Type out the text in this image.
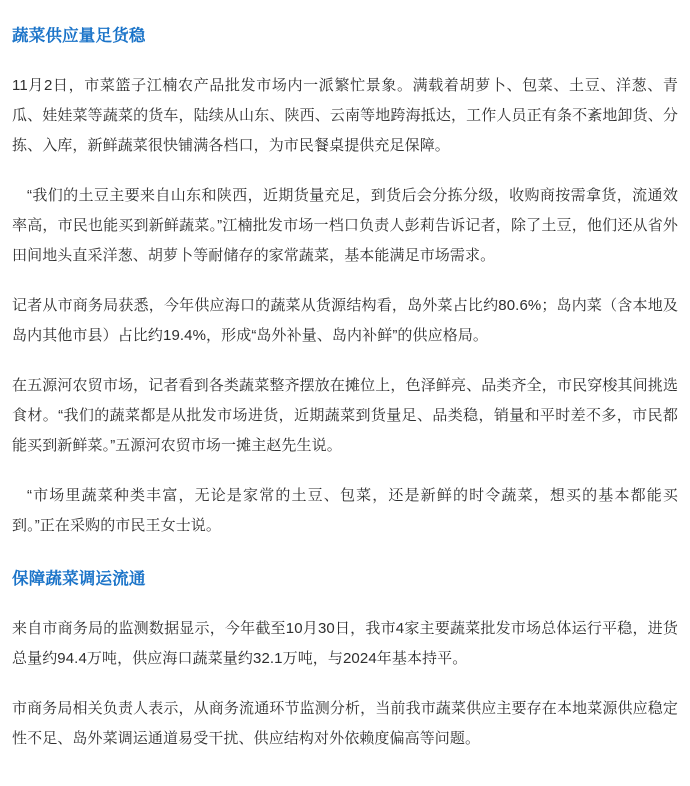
蔬菜供应量足货稳

11月2日，市菜篮子江楠农产品批发市场内一派繁忙景象。满载着胡萝卜、包菜、土豆、洋葱、青瓜、娃娃菜等蔬菜的货车，陆续从山东、陕西、云南等地跨海抵达，工作人员正有条不紊地卸货、分拣、入库，新鲜蔬菜很快铺满各档口，为市民餐桌提供充足保障。

“我们的土豆主要来自山东和陕西，近期货量充足，到货后会分拣分级，收购商按需拿货，流通效率高，市民也能买到新鲜蔬菜。”江楠批发市场一档口负责人彭莉告诉记者，除了土豆，他们还从省外田间地头直采洋葱、胡萝卜等耐储存的家常蔬菜，基本能满足市场需求。

记者从市商务局获悉，今年供应海口的蔬菜从货源结构看，岛外菜占比约80.6%；岛内菜（含本地及岛内其他市县）占比约19.4%，形成“岛外补量、岛内补鲜”的供应格局。

在五源河农贸市场，记者看到各类蔬菜整齐摆放在摊位上，色泽鲜亮、品类齐全，市民穿梭其间挑选食材。“我们的蔬菜都是从批发市场进货，近期蔬菜到货量足、品类稳，销量和平时差不多，市民都能买到新鲜菜。”五源河农贸市场一摊主赵先生说。

“市场里蔬菜种类丰富，无论是家常的土豆、包菜，还是新鲜的时令蔬菜，想买的基本都能买到。”正在采购的市民王女士说。

保障蔬菜调运流通

来自市商务局的监测数据显示，今年截至10月30日，我市4家主要蔬菜批发市场总体运行平稳，进货总量约94.4万吨，供应海口蔬菜量约32.1万吨，与2024年基本持平。

市商务局相关负责人表示，从商务流通环节监测分析，当前我市蔬菜供应主要存在本地菜源供应稳定性不足、岛外菜调运通道易受干扰、供应结构对外依赖度偏高等问题。
